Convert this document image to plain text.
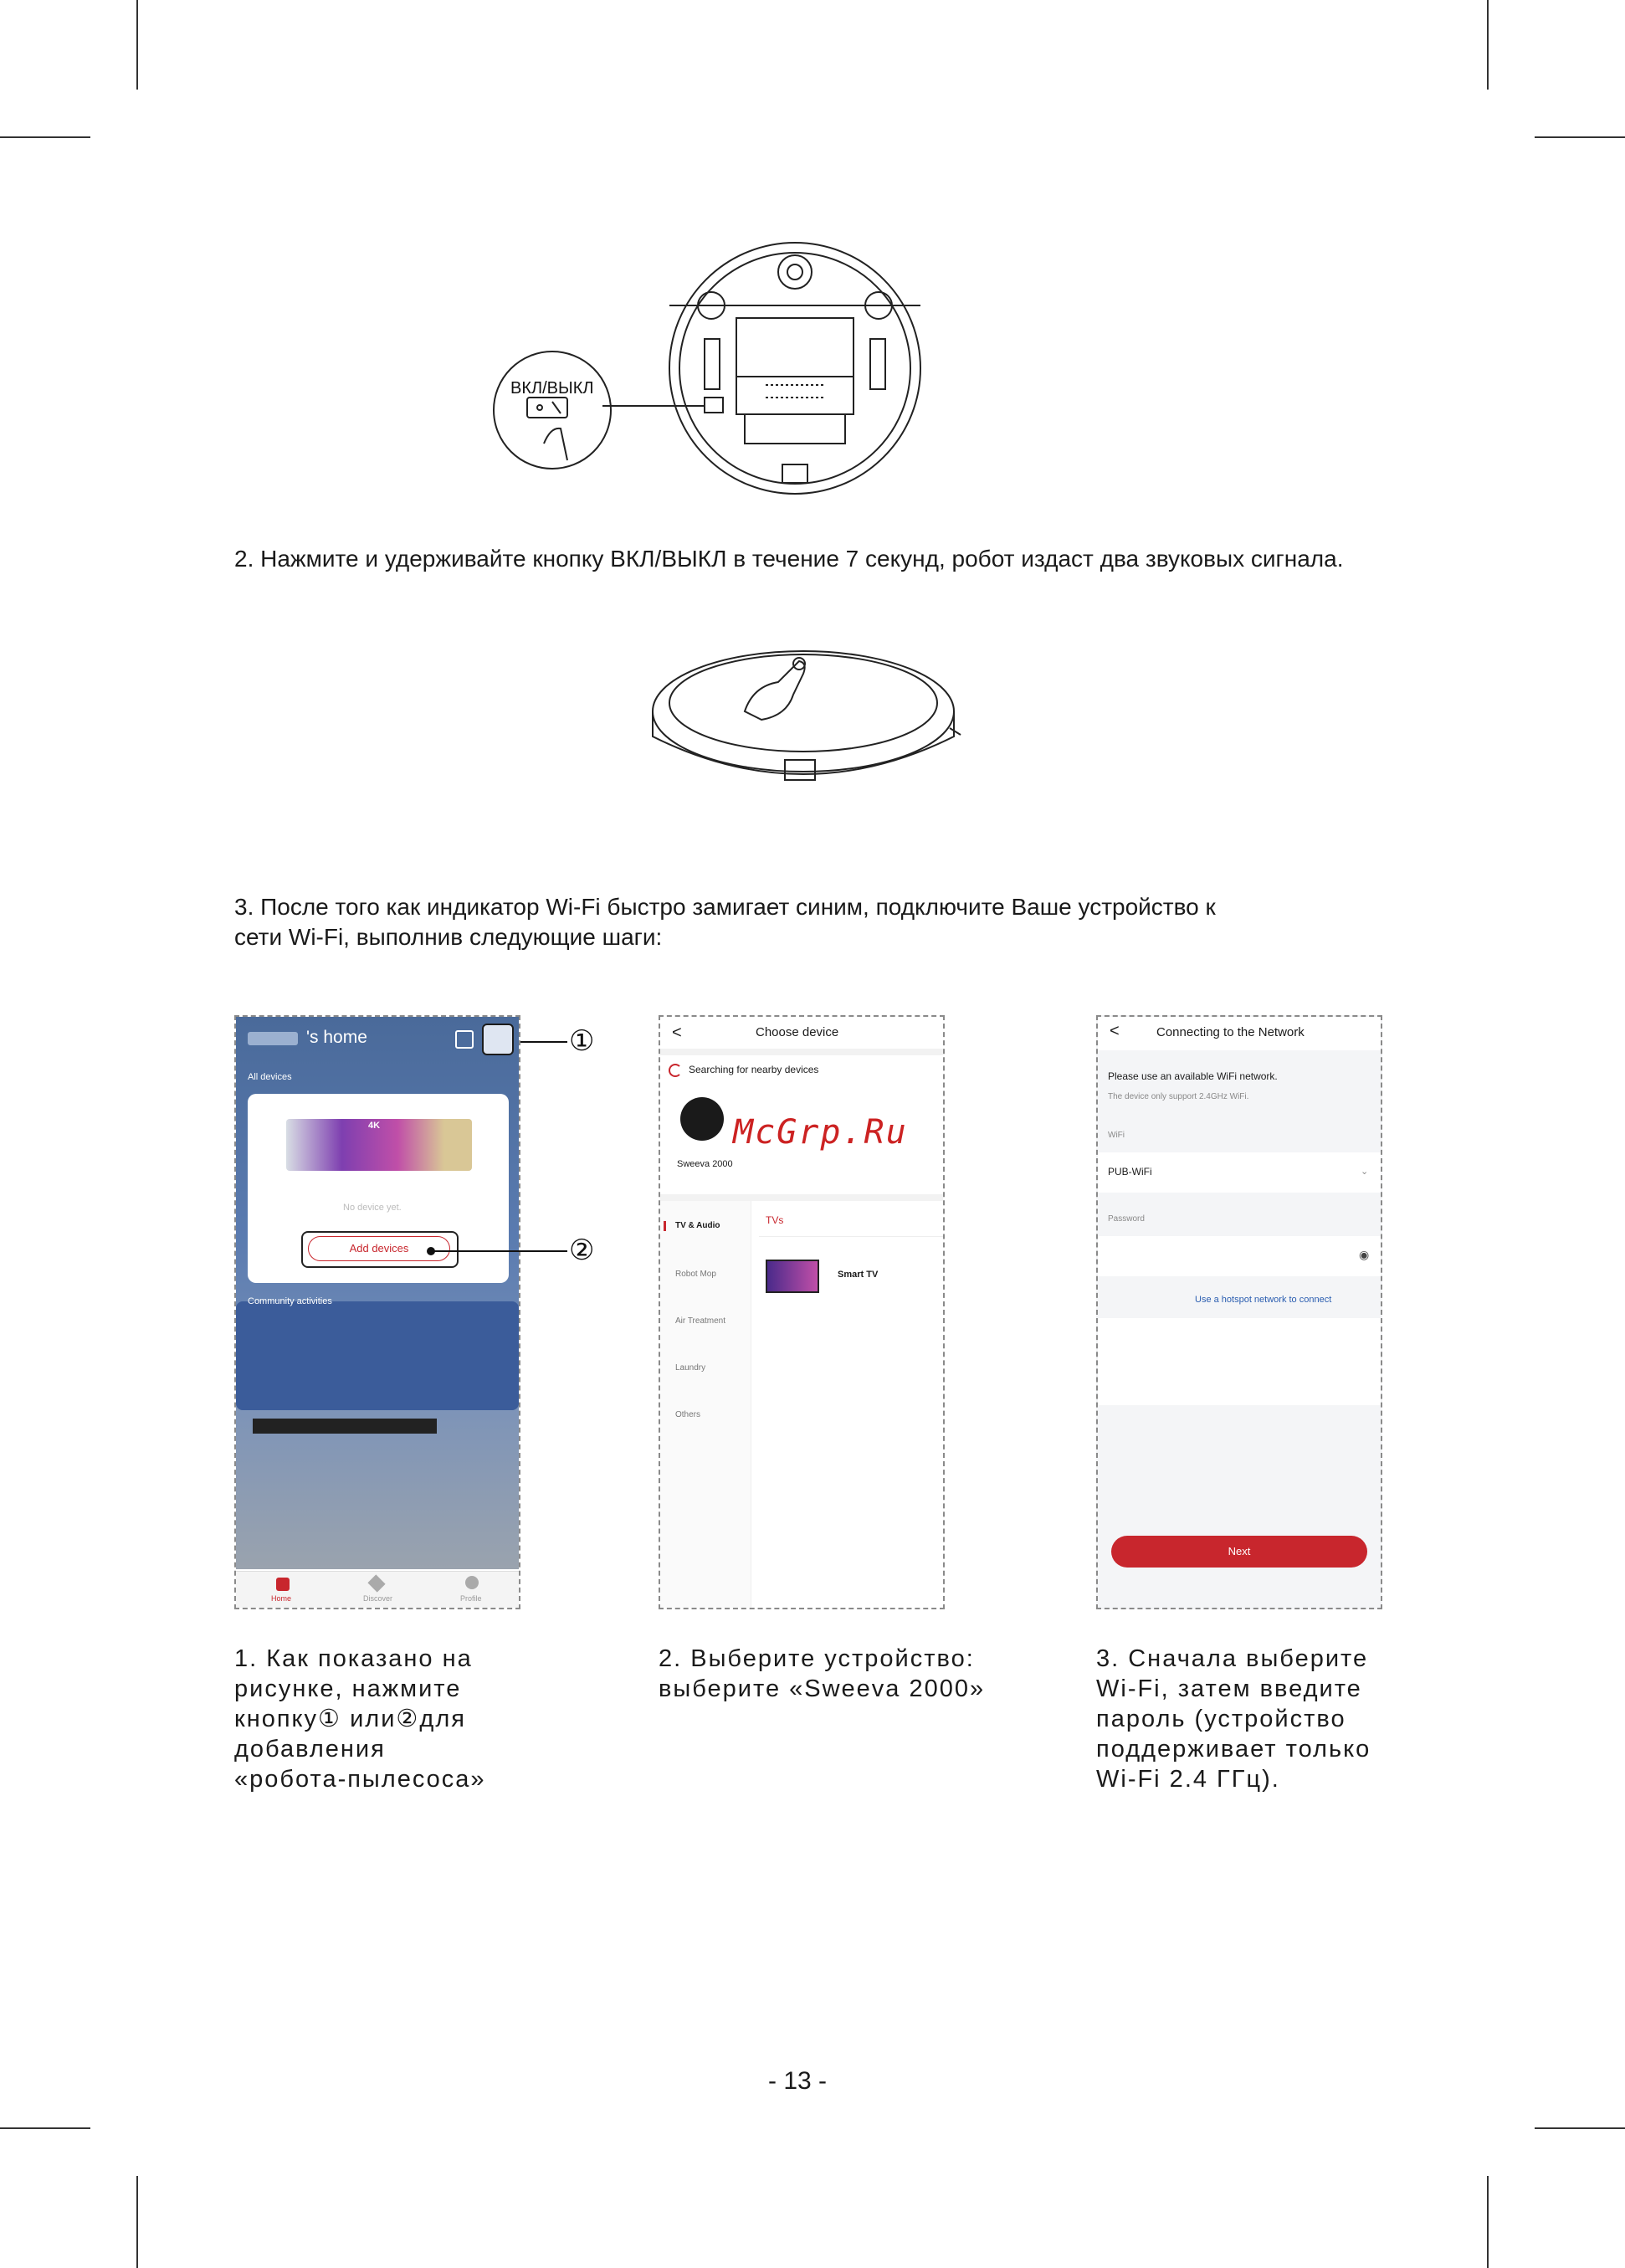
ВКЛ/ВЫКЛ
2. Нажмите и удерживайте кнопку ВКЛ/ВЫКЛ в течение 7 секунд, робот издаст два звуковых сигнала.
3. После того как индикатор Wi-Fi быстро замигает синим, подключите Ваше устройство к
сети Wi-Fi, выполнив следующие шаги:
's home
All devices
4K
No device yet.
Add devices
Community activities
Home	Discover	Profile
①
②
<	Choose device
Searching for nearby devices
Sweeva 2000
TV & Audio
Robot Mop
Air Treatment
Laundry
Others
TVs
Smart TV
McGrp.Ru
<	Connecting to the Network
Please use an available WiFi network.
The device only support 2.4GHz WiFi.
WiFi
PUB-WiFi	⌄
Password
◉
Use a hotspot network to connect
Next
1. Как показано на
рисунке, нажмите
кнопку① или②для
добавления
«робота-пылесоса»
2. Выберите устройство:
выберите «Sweeva 2000»
3. Сначала выберите
Wi-Fi, затем введите
пароль (устройство
поддерживает только
Wi-Fi 2.4 ГГц).
- 13 -
